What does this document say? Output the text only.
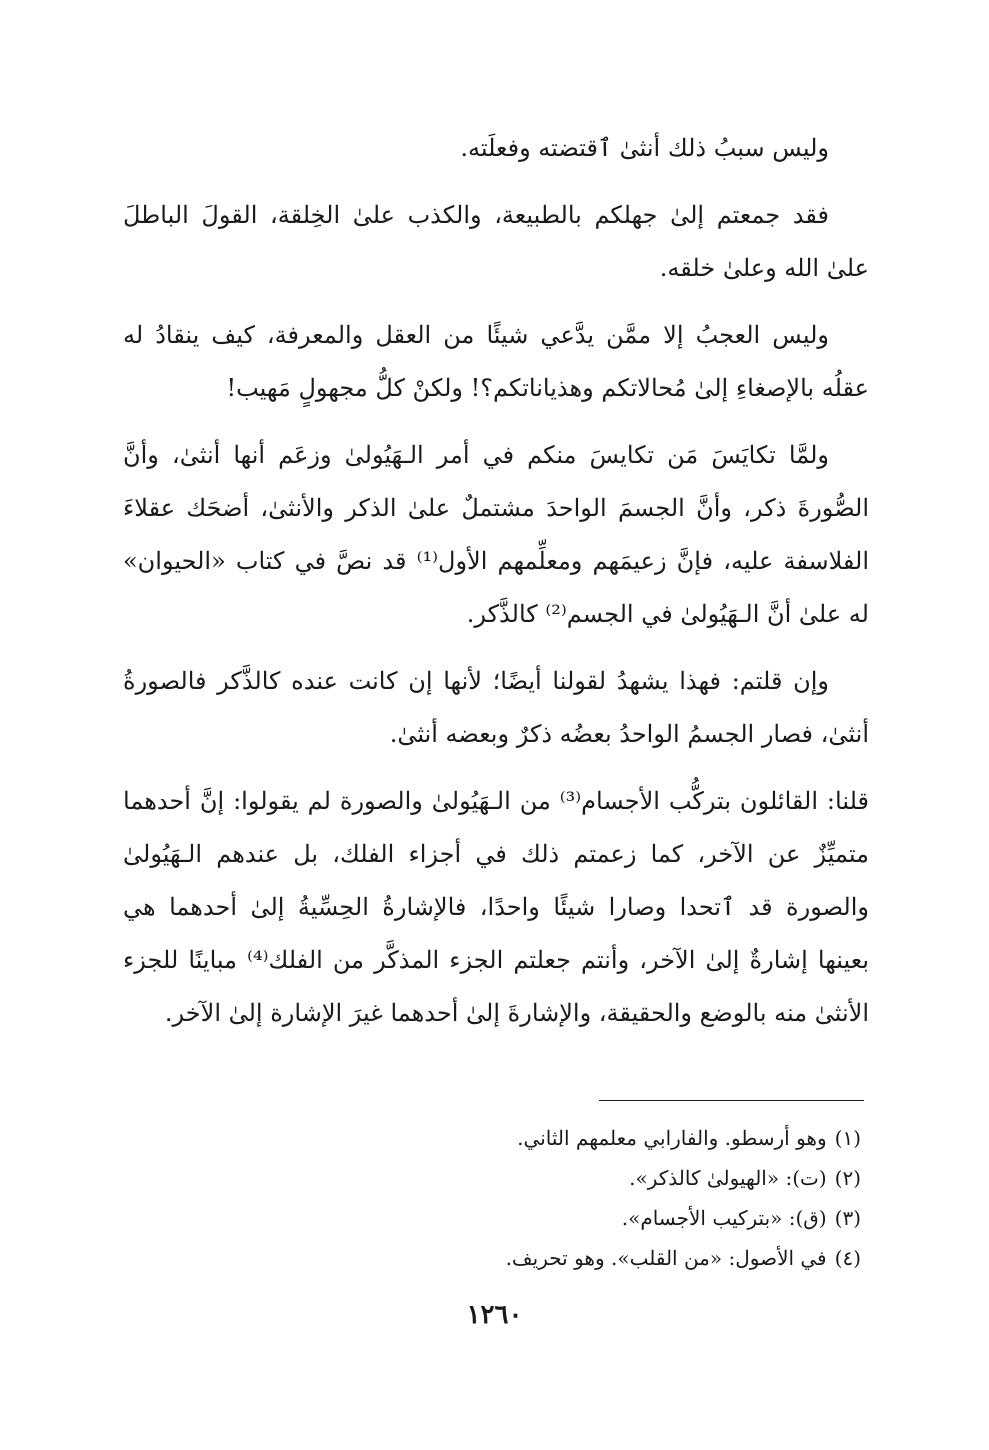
وليس سببُ ذلك أنثىٰ ٱقتضته وفعلَته.

فقد جمعتم إلىٰ جهلكم بالطبيعة، والكذب علىٰ الخِلقة، القولَ الباطلَ علىٰ الله وعلىٰ خلقه.

وليس العجبُ إلا ممَّن يدَّعي شيئًا من العقل والمعرفة، كيف ينقادُ له عقلُه بالإصغاءِ إلىٰ مُحالاتكم وهذياناتكم؟! ولكنْ كلُّ مجهولٍ مَهيب!

ولمَّا تكايَسَ مَن تكايسَ منكم في أمر الـهَيُولىٰ وزعَم أنها أنثىٰ، وأنَّ الصُّورةَ ذكر، وأنَّ الجسمَ الواحدَ مشتملٌ علىٰ الذكر والأنثىٰ، أضحَك عقلاءَ الفلاسفة عليه، فإنَّ زعيمَهم ومعلِّمهم الأول⁽¹⁾ قد نصَّ في كتاب «الحيوان» له علىٰ أنَّ الـهَيُولىٰ في الجسم⁽²⁾ كالذَّكر.

وإن قلتم: فهذا يشهدُ لقولنا أيضًا؛ لأنها إن كانت عنده كالذَّكر فالصورةُ أنثىٰ، فصار الجسمُ الواحدُ بعضُه ذكرٌ وبعضه أنثىٰ.

قلنا: القائلون بتركُّب الأجسام⁽³⁾ من الـهَيُولىٰ والصورة لم يقولوا: إنَّ أحدهما متميِّزٌ عن الآخر، كما زعمتم ذلك في أجزاء الفلك، بل عندهم الـهَيُولىٰ والصورة قد ٱتحدا وصارا شيئًا واحدًا، فالإشارةُ الحِسِّيةُ إلىٰ أحدهما هي بعينها إشارةٌ إلىٰ الآخر، وأنتم جعلتم الجزء المذكَّر من الفلك⁽⁴⁾ مباينًا للجزء الأنثىٰ منه بالوضع والحقيقة، والإشارةَ إلىٰ أحدهما غيرَ الإشارة إلىٰ الآخر.

(١)
وهو أرسطو. والفارابي معلمهم الثاني.
(٢)
(ت): «الهيولىٰ كالذكر».
(٣)
(ق): «بتركيب الأجسام».
(٤)
في الأصول: «من القلب». وهو تحريف.
١٢٦٠
